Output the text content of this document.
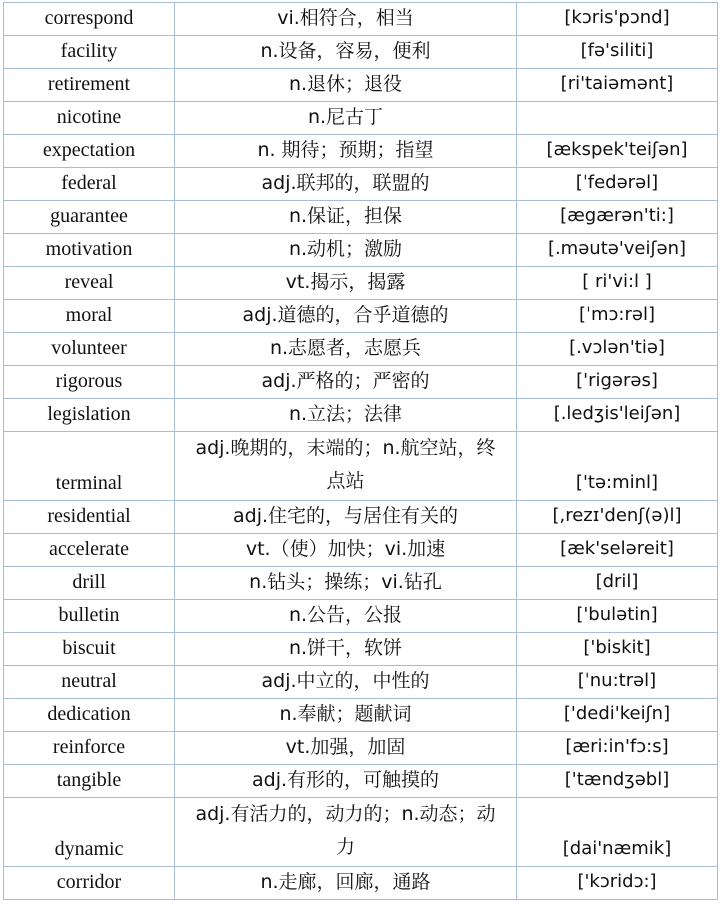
correspond	vi.相符合，相当	[kɔris'pɔnd]
facility	n.设备，容易，便利	[fə'siliti]
retirement	n.退休；退役	[ri'taiəmənt]
nicotine	n.尼古丁	
expectation	n. 期待；预期；指望	[ækspek'teiʃən]
federal	adj.联邦的，联盟的	[ˈfedərəl]
guarantee	n.保证，担保	[ægærən'ti:]
motivation	n.动机；激励	[.məutə'veiʃən]
reveal	vt.揭示，揭露	[ ri'vi:l ]
moral	adj.道德的，合乎道德的	[ˈmɔ:rəl]
volunteer	n.志愿者，志愿兵	[.vɔlən'tiə]
rigorous	adj.严格的；严密的	['rigərəs]
legislation	n.立法；法律	[.ledʒis'leiʃən]
terminal	adj.晚期的，末端的；n.航空站，终点站	['tə:minl]
residential	adj.住宅的，与居住有关的	[,rezɪ'denʃ(ə)l]
accelerate	vt.（使）加快；vi.加速	[æk'seləreit]
drill	n.钻头；操练；vi.钻孔	[dril]
bulletin	n.公告，公报	['bulətin]
biscuit	n.饼干，软饼	['biskit]
neutral	adj.中立的，中性的	[ˈnu:trəl]
dedication	n.奉献；题献词	['dedi'keiʃn]
reinforce	vt.加强，加固	[æri:in'fɔ:s]
tangible	adj.有形的，可触摸的	['tændʒəbl]
dynamic	adj.有活力的，动力的；n.动态；动力	[dai'næmik]
corridor	n.走廊，回廊，通路	['kɔridɔ:]
